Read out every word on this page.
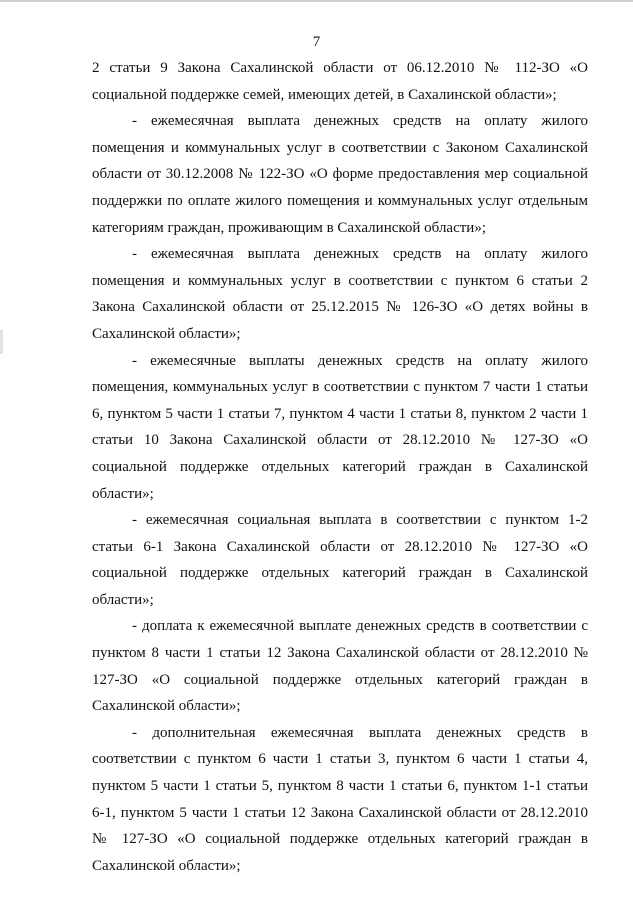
7

2 статьи 9 Закона Сахалинской области от 06.12.2010 № 112-ЗО «О социальной поддержке семей, имеющих детей, в Сахалинской области»;

- ежемесячная выплата денежных средств на оплату жилого помещения и коммунальных услуг в соответствии с Законом Сахалинской области от 30.12.2008 № 122-ЗО «О форме предоставления мер социальной поддержки по оплате жилого помещения и коммунальных услуг отдельным категориям граждан, проживающим в Сахалинской области»;

- ежемесячная выплата денежных средств на оплату жилого помещения и коммунальных услуг в соответствии с пунктом 6 статьи 2 Закона Сахалинской области от 25.12.2015 № 126-ЗО «О детях войны в Сахалинской области»;

- ежемесячные выплаты денежных средств на оплату жилого помещения, коммунальных услуг в соответствии с пунктом 7 части 1 статьи 6, пунктом 5 части 1 статьи 7, пунктом 4 части 1 статьи 8, пунктом 2 части 1 статьи 10 Закона Сахалинской области от 28.12.2010 № 127-ЗО «О социальной поддержке отдельных категорий граждан в Сахалинской области»;

- ежемесячная социальная выплата в соответствии с пунктом 1-2 статьи 6-1 Закона Сахалинской области от 28.12.2010 № 127-ЗО «О социальной поддержке отдельных категорий граждан в Сахалинской области»;

- доплата к ежемесячной выплате денежных средств в соответствии с пунктом 8 части 1 статьи 12 Закона Сахалинской области от 28.12.2010 № 127-ЗО «О социальной поддержке отдельных категорий граждан в Сахалинской области»;

- дополнительная ежемесячная выплата денежных средств в соответствии с пунктом 6 части 1 статьи 3, пунктом 6 части 1 статьи 4, пунктом 5 части 1 статьи 5, пунктом 8 части 1 статьи 6, пунктом 1-1 статьи 6-1, пунктом 5 части 1 статьи 12 Закона Сахалинской области от 28.12.2010 № 127-ЗО «О социальной поддержке отдельных категорий граждан в Сахалинской области»;
